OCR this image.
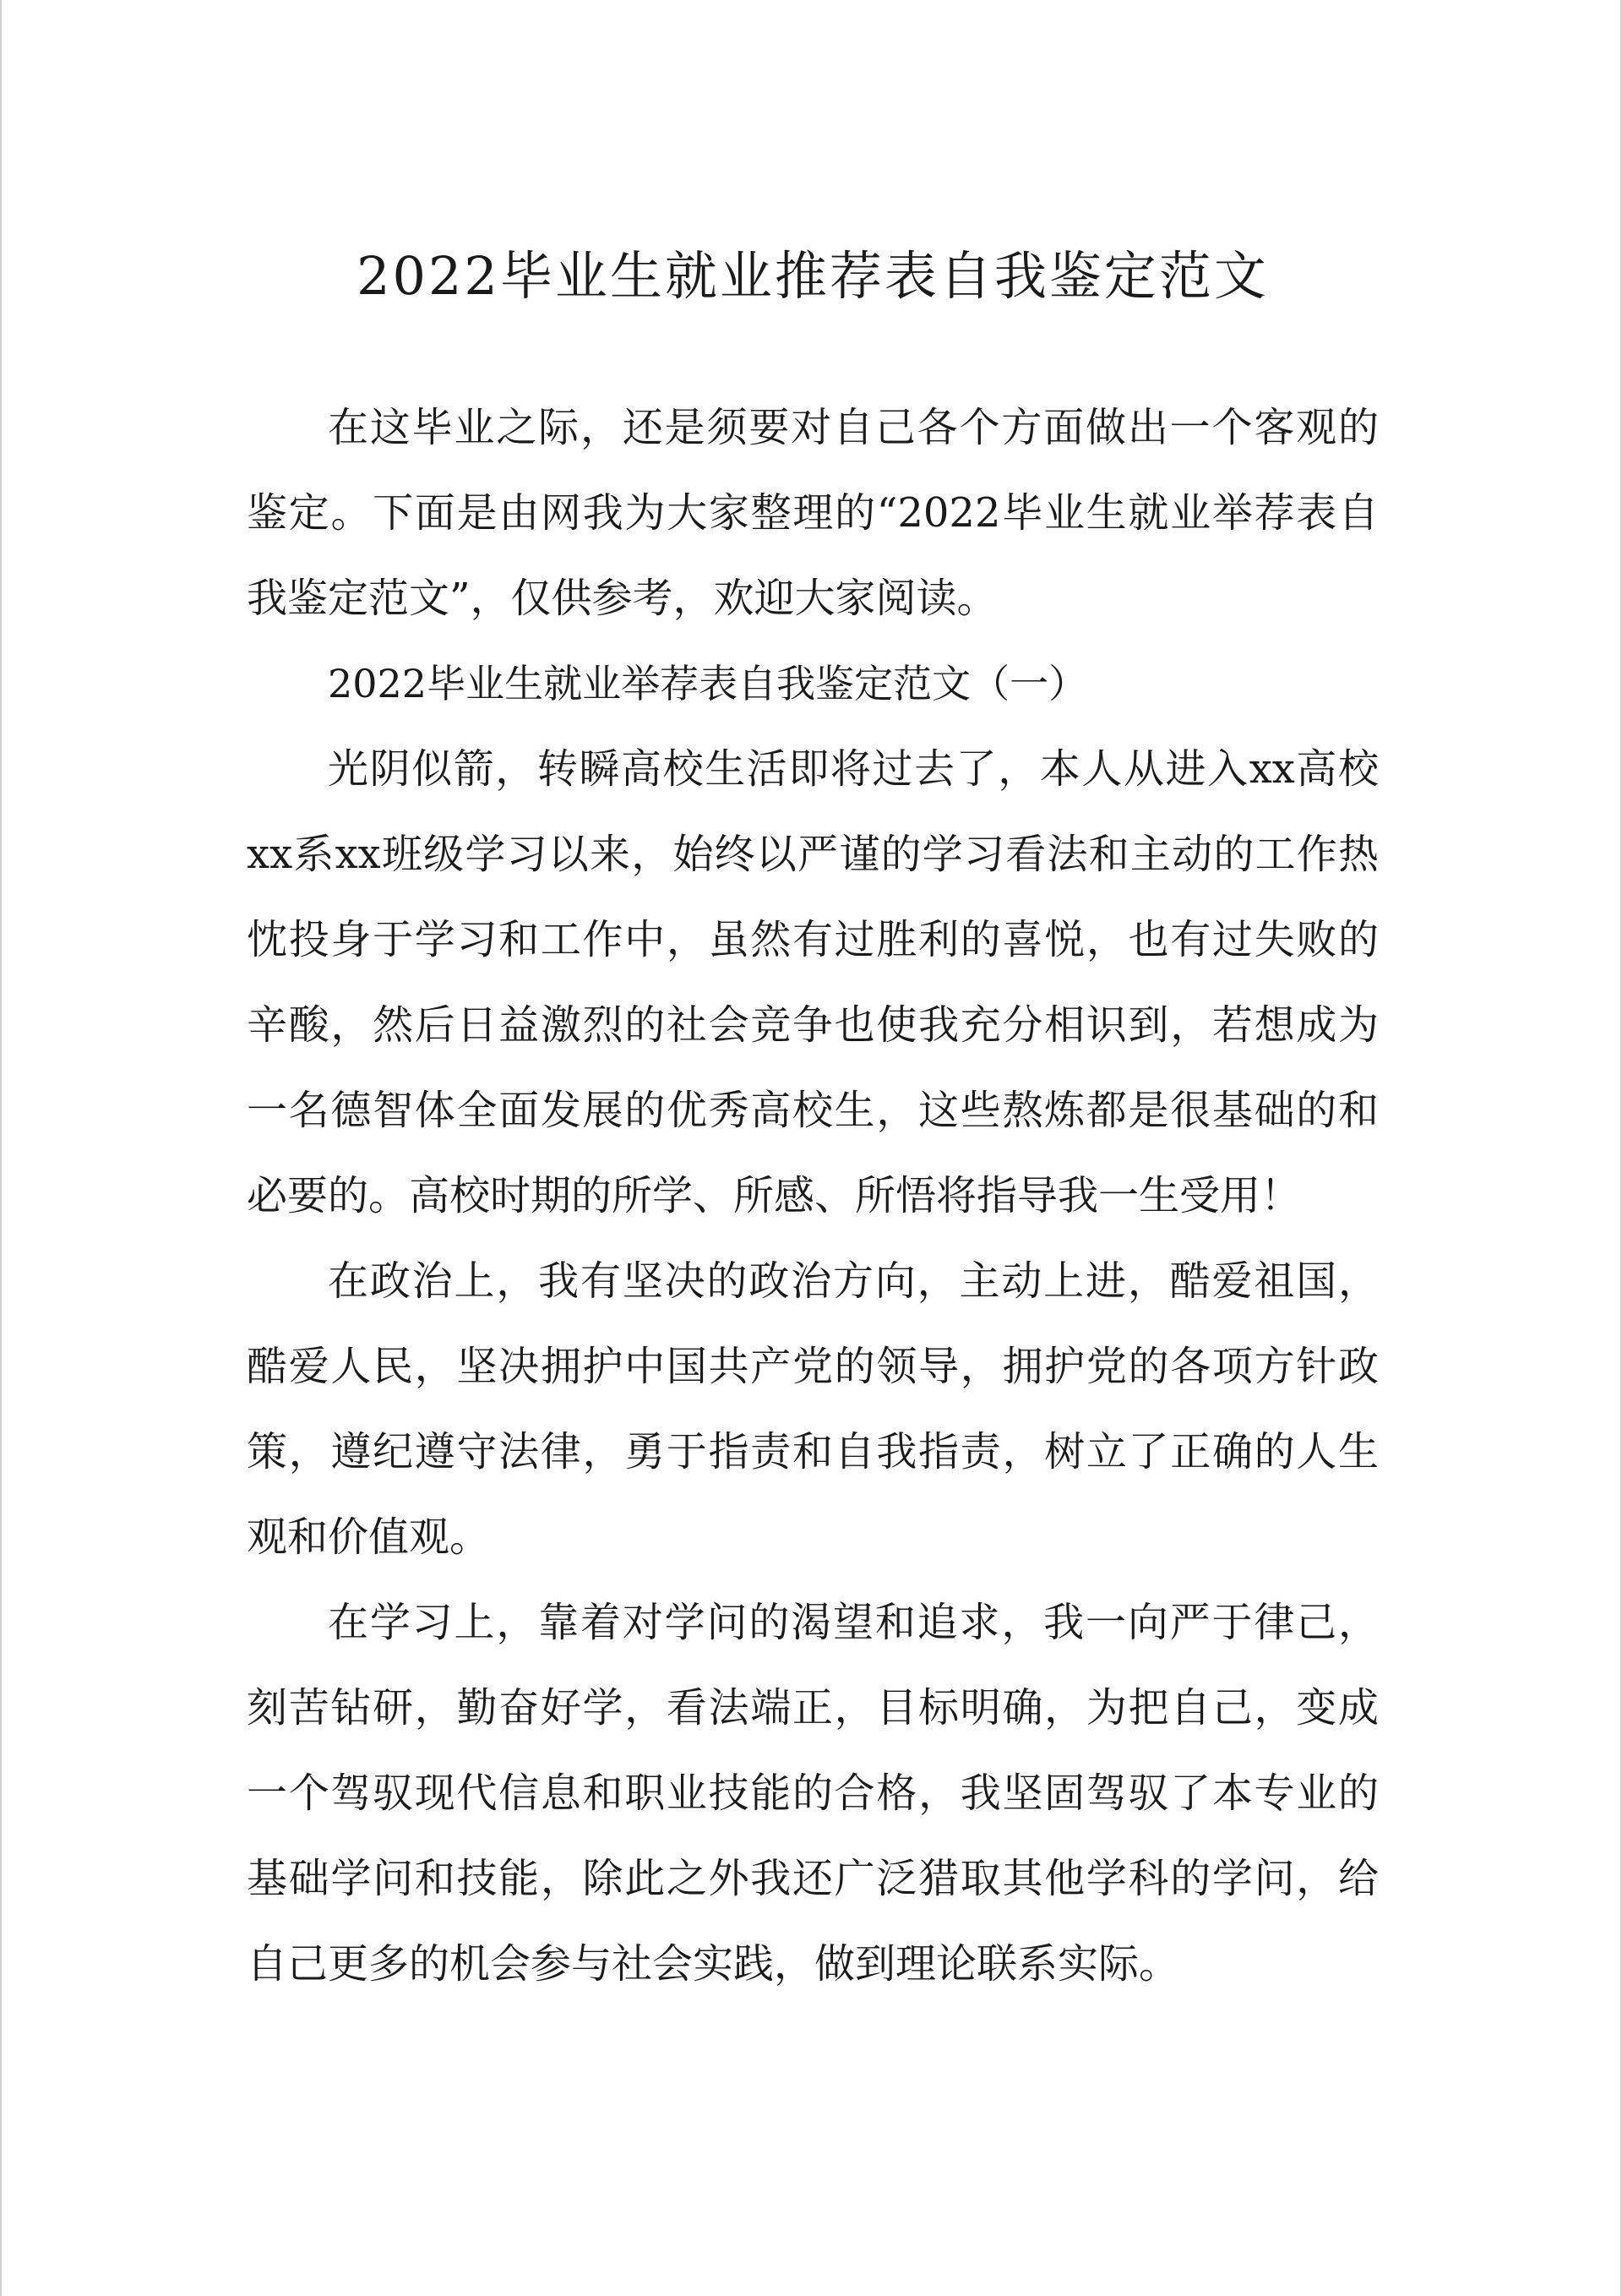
2022毕业生就业推荐表自我鉴定范文

在这毕业之际，还是须要对自己各个方面做出一个客观的鉴定。下面是由网我为大家整理的“2022毕业生就业举荐表自我鉴定范文”，仅供参考，欢迎大家阅读。

2022毕业生就业举荐表自我鉴定范文（一）

光阴似箭，转瞬高校生活即将过去了，本人从进入xx高校xx系xx班级学习以来，始终以严谨的学习看法和主动的工作热忱投身于学习和工作中，虽然有过胜利的喜悦，也有过失败的辛酸，然后日益激烈的社会竞争也使我充分相识到，若想成为一名德智体全面发展的优秀高校生，这些熬炼都是很基础的和必要的。高校时期的所学、所感、所悟将指导我一生受用！

在政治上，我有坚决的政治方向，主动上进，酷爱祖国，酷爱人民，坚决拥护中国共产党的领导，拥护党的各项方针政策，遵纪遵守法律，勇于指责和自我指责，树立了正确的人生观和价值观。

在学习上，靠着对学问的渴望和追求，我一向严于律己，刻苦钻研，勤奋好学，看法端正，目标明确，为把自己，变成一个驾驭现代信息和职业技能的合格，我坚固驾驭了本专业的基础学问和技能，除此之外我还广泛猎取其他学科的学问，给自己更多的机会参与社会实践，做到理论联系实际。
